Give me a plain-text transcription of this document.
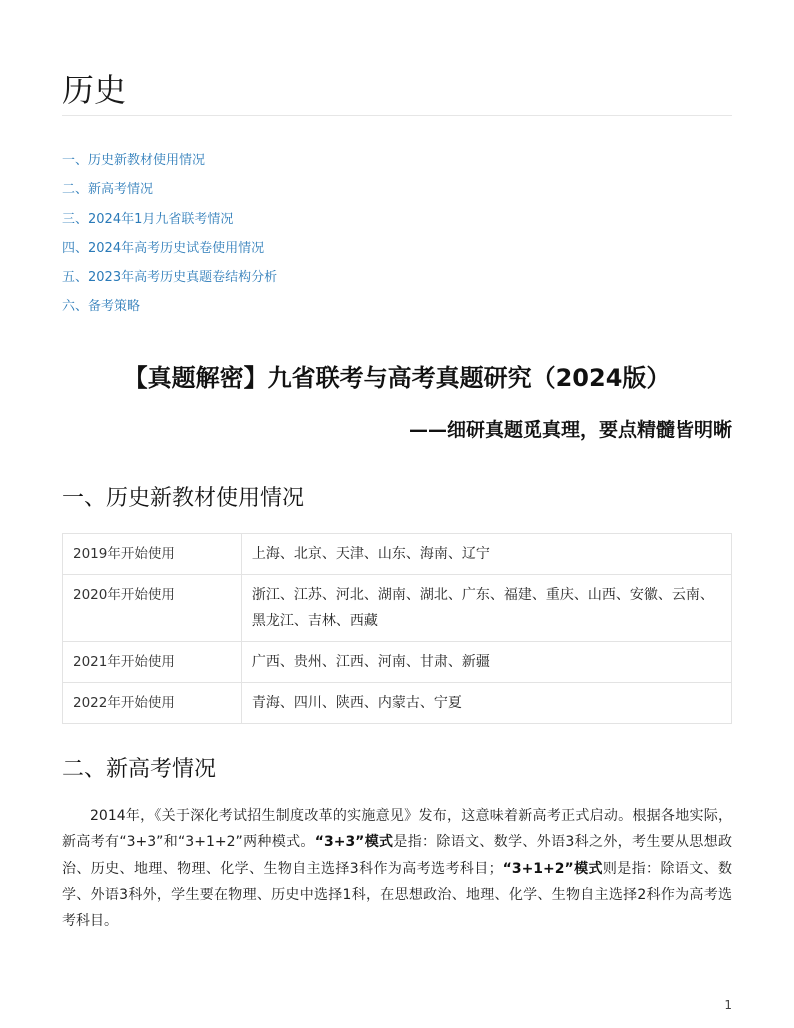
历史
一、历史新教材使用情况
二、新高考情况
三、2024年1月九省联考情况
四、2024年高考历史试卷使用情况
五、2023年高考历史真题卷结构分析
六、备考策略
【真题解密】九省联考与高考真题研究（2024版）
——细研真题觅真理，要点精髓皆明晰
一、历史新教材使用情况
2019年开始使用	上海、北京、天津、山东、海南、辽宁
2020年开始使用	浙江、江苏、河北、湖南、湖北、广东、福建、重庆、山西、安徽、云南、黑龙江、吉林、西藏
2021年开始使用	广西、贵州、江西、河南、甘肃、新疆
2022年开始使用	青海、四川、陕西、内蒙古、宁夏
二、新高考情况

2014年，《关于深化考试招生制度改革的实施意见》发布，这意味着新高考正式启动。根据各地实际，新高考有“3+3”和“3+1+2”两种模式。“3+3”模式是指：除语文、数学、外语3科之外，考生要从思想政治、历史、地理、物理、化学、生物自主选择3科作为高考选考科目；“3+1+2”模式则是指：除语文、数学、外语3科外，学生要在物理、历史中选择1科，在思想政治、地理、化学、生物自主选择2科作为高考选考科目。

1
